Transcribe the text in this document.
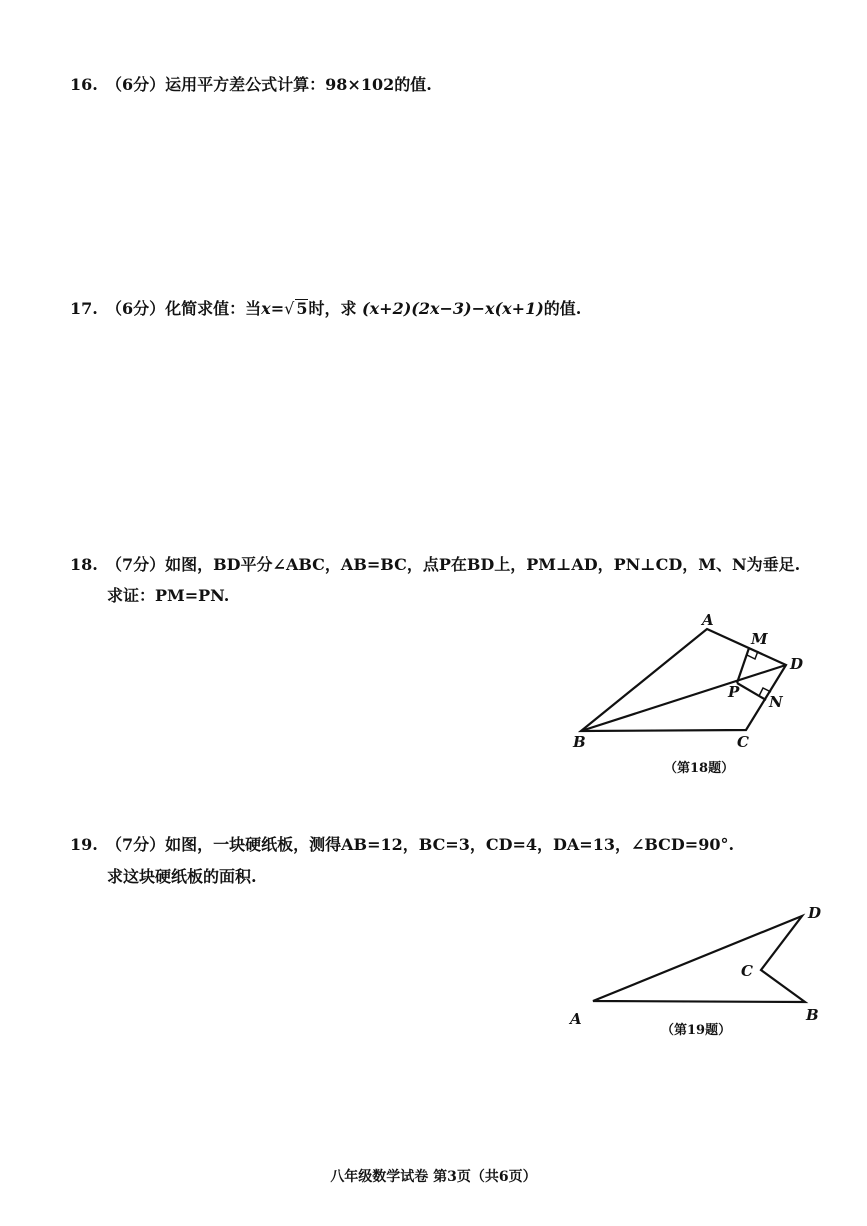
16. （6分）运用平方差公式计算：98×102的值.
17. （6分）化简求值：当x=√ 5时，求 (x+2)(2x−3)−x(x+1)的值.
18. （7分）如图，BD平分∠ABC，AB=BC，点P在BD上，PM⊥AD，PN⊥CD，M、N为垂足.
求证：PM=PN.
A
M
D
P
N
B	C
（第18题）
19. （7分）如图，一块硬纸板，测得AB=12，BC=3，CD=4，DA=13，∠BCD=90°.
求这块硬纸板的面积.
D
C
A	B
（第19题）
八年级数学试卷 第3页（共6页）
